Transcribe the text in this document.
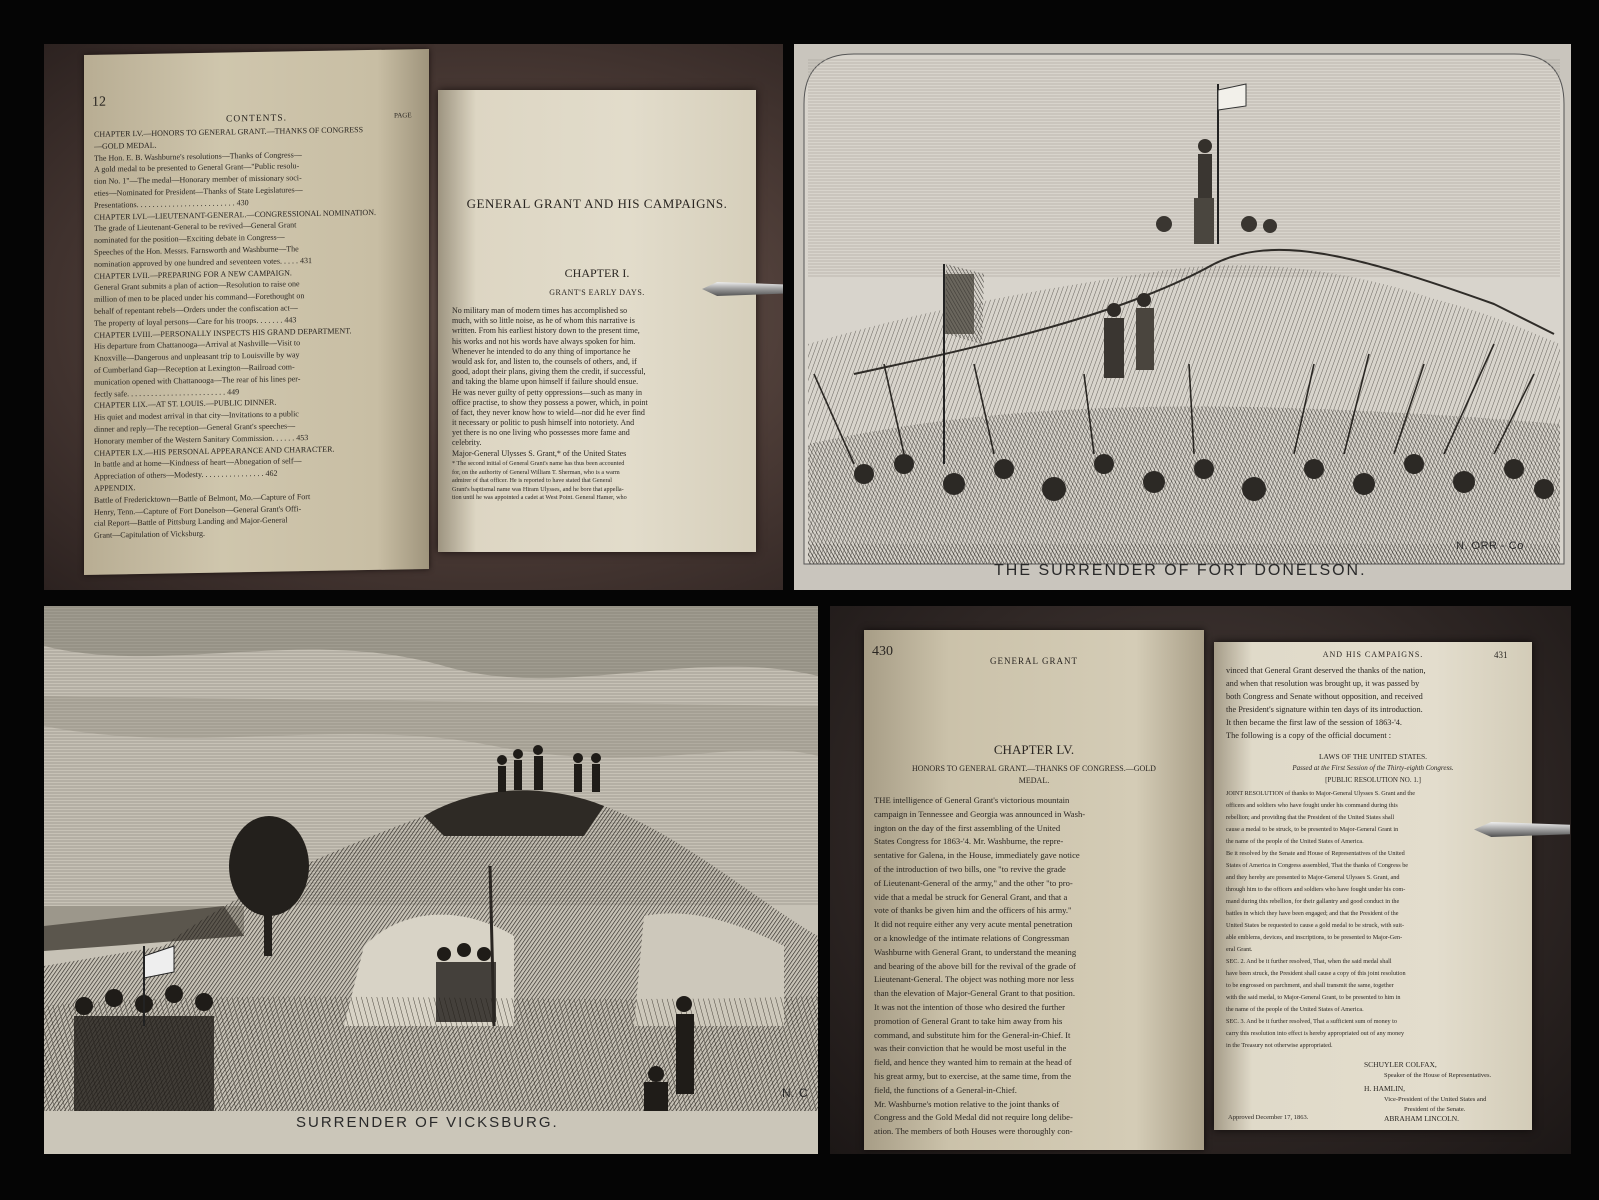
12
CONTENTS.	PAGE
CHAPTER LV.—HONORS TO GENERAL GRANT.—THANKS OF CONGRESS
—GOLD MEDAL.
The Hon. E. B. Washburne's resolutions—Thanks of Congress—
A gold medal to be presented to General Grant—"Public resolu-
tion No. 1"—The medal—Honorary member of missionary soci-
eties—Nominated for President—Thanks of State Legislatures—
Presentations. . . . . . . . . . . . . . . . . . . . . . . . . 430
CHAPTER LVI.—LIEUTENANT-GENERAL.—CONGRESSIONAL NOMINATION.
The grade of Lieutenant-General to be revived—General Grant
nominated for the position—Exciting debate in Congress—
Speeches of the Hon. Messrs. Farnsworth and Washburne—The
nomination approved by one hundred and seventeen votes. . . . . 431
CHAPTER LVII.—PREPARING FOR A NEW CAMPAIGN.
General Grant submits a plan of action—Resolution to raise one
million of men to be placed under his command—Forethought on
behalf of repentant rebels—Orders under the confiscation act—
The property of loyal persons—Care for his troops. . . . . . . 443
CHAPTER LVIII.—PERSONALLY INSPECTS HIS GRAND DEPARTMENT.
His departure from Chattanooga—Arrival at Nashville—Visit to
Knoxville—Dangerous and unpleasant trip to Louisville by way
of Cumberland Gap—Reception at Lexington—Railroad com-
munication opened with Chattanooga—The rear of his lines per-
fectly safe. . . . . . . . . . . . . . . . . . . . . . . . . 449
CHAPTER LIX.—AT ST. LOUIS.—PUBLIC DINNER.
His quiet and modest arrival in that city—Invitations to a public
dinner and reply—The reception—General Grant's speeches—
Honorary member of the Western Sanitary Commission. . . . . . 453
CHAPTER LX.—HIS PERSONAL APPEARANCE AND CHARACTER.
In battle and at home—Kindness of heart—Abnegation of self—
Appreciation of others—Modesty. . . . . . . . . . . . . . . . 462
APPENDIX.
Battle of Fredericktown—Battle of Belmont, Mo.—Capture of Fort
Henry, Tenn.—Capture of Fort Donelson—General Grant's Offi-
cial Report—Battle of Pittsburg Landing and Major-General
Grant—Capitulation of Vicksburg.
GENERAL GRANT AND HIS CAMPAIGNS.
CHAPTER I.
GRANT'S EARLY DAYS.
No military man of modern times has accomplished so
much, with so little noise, as he of whom this narrative is
written. From his earliest history down to the present time,
his works and not his words have always spoken for him.
Whenever he intended to do any thing of importance he
would ask for, and listen to, the counsels of others, and, if
good, adopt their plans, giving them the credit, if successful,
and taking the blame upon himself if failure should ensue.
He was never guilty of petty oppressions—such as many in
office practise, to show they possess a power, which, in point
of fact, they never know how to wield—nor did he ever find
it necessary or politic to push himself into notoriety. And
yet there is no one living who possesses more fame and
celebrity.
Major-General Ulysses S. Grant,* of the United States
* The second initial of General Grant's name has thus been accounted
for, on the authority of General William T. Sherman, who is a warm
admirer of that officer. He is reported to have stated that General
Grant's baptismal name was Hiram Ulysses, and he bore that appella-
tion until he was appointed a cadet at West Point. General Hamer, who
THE SURRENDER OF FORT DONELSON.
N. ORR - Co
SURRENDER OF VICKSBURG.
N. C
430
GENERAL GRANT
CHAPTER LV.
HONORS TO GENERAL GRANT.—THANKS OF CONGRESS.—GOLD
MEDAL.
THE intelligence of General Grant's victorious mountain
campaign in Tennessee and Georgia was announced in Wash-
ington on the day of the first assembling of the United
States Congress for 1863-'4. Mr. Washburne, the repre-
sentative for Galena, in the House, immediately gave notice
of the introduction of two bills, one "to revive the grade
of Lieutenant-General of the army," and the other "to pro-
vide that a medal be struck for General Grant, and that a
vote of thanks be given him and the officers of his army."
It did not require either any very acute mental penetration
or a knowledge of the intimate relations of Congressman
Washburne with General Grant, to understand the meaning
and bearing of the above bill for the revival of the grade of
Lieutenant-General. The object was nothing more nor less
than the elevation of Major-General Grant to that position.
It was not the intention of those who desired the further
promotion of General Grant to take him away from his
command, and substitute him for the General-in-Chief. It
was their conviction that he would be most useful in the
field, and hence they wanted him to remain at the head of
his great army, but to exercise, at the same time, from the
field, the functions of a General-in-Chief.
Mr. Washburne's motion relative to the joint thanks of
Congress and the Gold Medal did not require long delibe-
ation. The members of both Houses were thoroughly con-
AND HIS CAMPAIGNS.	431
vinced that General Grant deserved the thanks of the nation,
and when that resolution was brought up, it was passed by
both Congress and Senate without opposition, and received
the President's signature within ten days of its introduction.
It then became the first law of the session of 1863-'4.
The following is a copy of the official document :
LAWS OF THE UNITED STATES.
Passed at the First Session of the Thirty-eighth Congress.
[PUBLIC RESOLUTION NO. 1.]
JOINT RESOLUTION of thanks to Major-General Ulysses S. Grant and the
officers and soldiers who have fought under his command during this
rebellion; and providing that the President of the United States shall
cause a medal to be struck, to be presented to Major-General Grant in
the name of the people of the United States of America.
Be it resolved by the Senate and House of Representatives of the United
States of America in Congress assembled, That the thanks of Congress be
and they hereby are presented to Major-General Ulysses S. Grant, and
through him to the officers and soldiers who have fought under his com-
mand during this rebellion, for their gallantry and good conduct in the
battles in which they have been engaged; and that the President of the
United States be requested to cause a gold medal to be struck, with suit-
able emblems, devices, and inscriptions, to be presented to Major-Gen-
eral Grant.
SEC. 2. And be it further resolved, That, when the said medal shall
have been struck, the President shall cause a copy of this joint resolution
to be engrossed on parchment, and shall transmit the same, together
with the said medal, to Major-General Grant, to be presented to him in
the name of the people of the United States of America.
SEC. 3. And be it further resolved, That a sufficient sum of money to
carry this resolution into effect is hereby appropriated out of any money
in the Treasury not otherwise appropriated.
SCHUYLER COLFAX,
Speaker of the House of Representatives.
H. HAMLIN,
Vice-President of the United States and
President of the Senate.
Approved December 17, 1863.	ABRAHAM LINCOLN.
